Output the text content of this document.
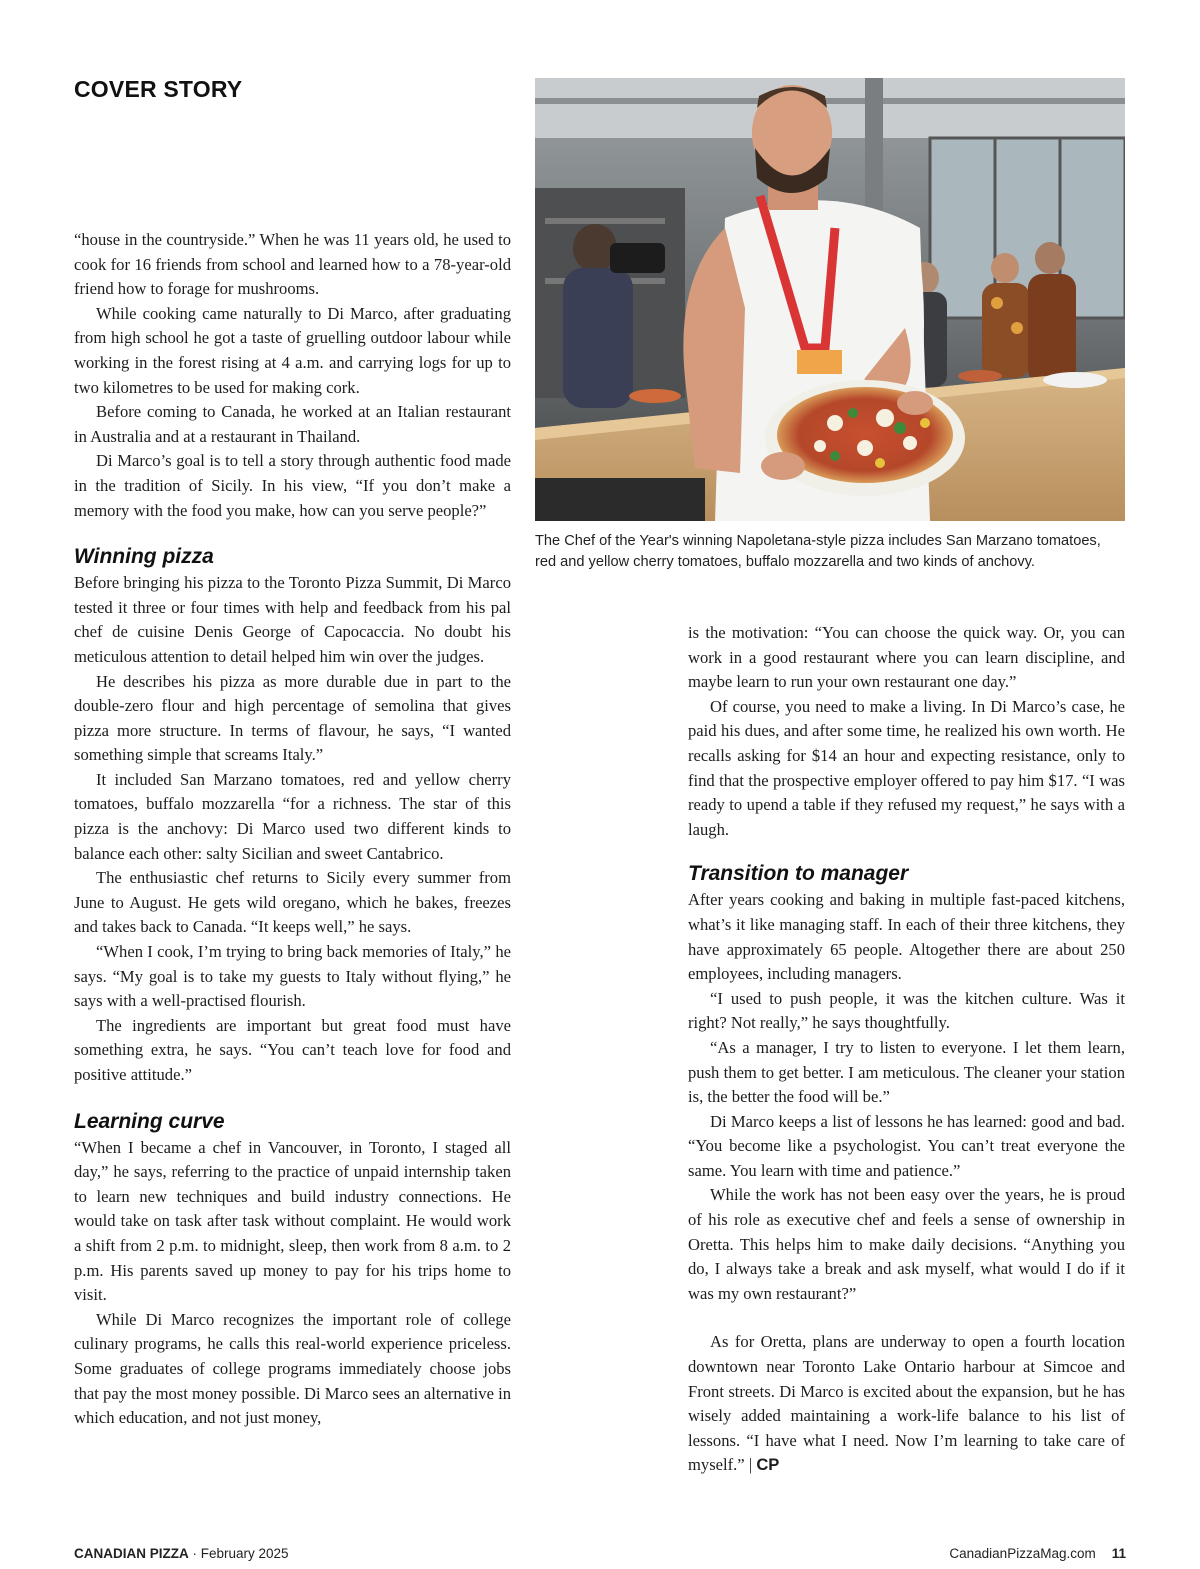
COVER STORY
The Chef of the Year's winning Napoletana-style pizza includes San Marzano tomatoes, red and yellow cherry tomatoes, buffalo mozzarella and two kinds of anchovy.

“house in the countryside.” When he was 11 years old, he used to cook for 16 friends from school and learned how to a 78-year-old friend how to forage for mushrooms.

While cooking came naturally to Di Marco, after graduating from high school he got a taste of gruelling outdoor labour while working in the forest rising at 4 a.m. and carrying logs for up to two kilometres to be used for making cork.

Before coming to Canada, he worked at an Italian restaurant in Australia and at a restaurant in Thailand.

Di Marco’s goal is to tell a story through authentic food made in the tradition of Sicily. In his view, “If you don’t make a memory with the food you make, how can you serve people?”

Winning pizza

Before bringing his pizza to the Toronto Pizza Summit, Di Marco tested it three or four times with help and feedback from his pal chef de cuisine Denis George of Capocaccia. No doubt his meticulous attention to detail helped him win over the judges.

He describes his pizza as more durable due in part to the double-zero flour and high percentage of semolina that gives pizza more structure. In terms of flavour, he says, “I wanted something simple that screams Italy.”

It included San Marzano tomatoes, red and yellow cherry tomatoes, buffalo mozzarella “for a richness. The star of this pizza is the anchovy: Di Marco used two different kinds to balance each other: salty Sicilian and sweet Cantabrico.

The enthusiastic chef returns to Sicily every summer from June to August. He gets wild oregano, which he bakes, freezes and takes back to Canada. “It keeps well,” he says.

“When I cook, I’m trying to bring back memories of Italy,” he says. “My goal is to take my guests to Italy without flying,” he says with a well-practised flourish.

The ingredients are important but great food must have something extra, he says. “You can’t teach love for food and positive attitude.”

Learning curve

“When I became a chef in Vancouver, in Toronto, I staged all day,” he says, referring to the practice of unpaid internship taken to learn new techniques and build industry connections. He would take on task after task without complaint. He would work a shift from 2 p.m. to midnight, sleep, then work from 8 a.m. to 2 p.m. His parents saved up money to pay for his trips home to visit.

While Di Marco recognizes the important role of college culinary programs, he calls this real-world experience priceless. Some graduates of college programs immediately choose jobs that pay the most money possible. Di Marco sees an alternative in which education, and not just money,

is the motivation: “You can choose the quick way. Or, you can work in a good restaurant where you can learn discipline, and maybe learn to run your own restaurant one day.”

Of course, you need to make a living. In Di Marco’s case, he paid his dues, and after some time, he realized his own worth. He recalls asking for $14 an hour and expecting resistance, only to find that the prospective employer offered to pay him $17. “I was ready to upend a table if they refused my request,” he says with a laugh.

Transition to manager

After years cooking and baking in multiple fast-paced kitchens, what’s it like managing staff. In each of their three kitchens, they have approximately 65 people. Altogether there are about 250 employees, including managers.

“I used to push people, it was the kitchen culture. Was it right? Not really,” he says thoughtfully.

“As a manager, I try to listen to everyone. I let them learn, push them to get better. I am meticulous. The cleaner your station is, the better the food will be.”

Di Marco keeps a list of lessons he has learned: good and bad. “You become like a psychologist. You can’t treat everyone the same. You learn with time and patience.”

While the work has not been easy over the years, he is proud of his role as executive chef and feels a sense of ownership in Oretta. This helps him to make daily decisions. “Anything you do, I always take a break and ask myself, what would I do if it was my own restaurant?”

As for Oretta, plans are underway to open a fourth location downtown near Toronto Lake Ontario harbour at Simcoe and Front streets. Di Marco is excited about the expansion, but he has wisely added maintaining a work-life balance to his list of lessons. “I have what I need. Now I’m learning to take care of myself.” | CP

CANADIAN PIZZA · February 2025	CanadianPizzaMag.com 11
